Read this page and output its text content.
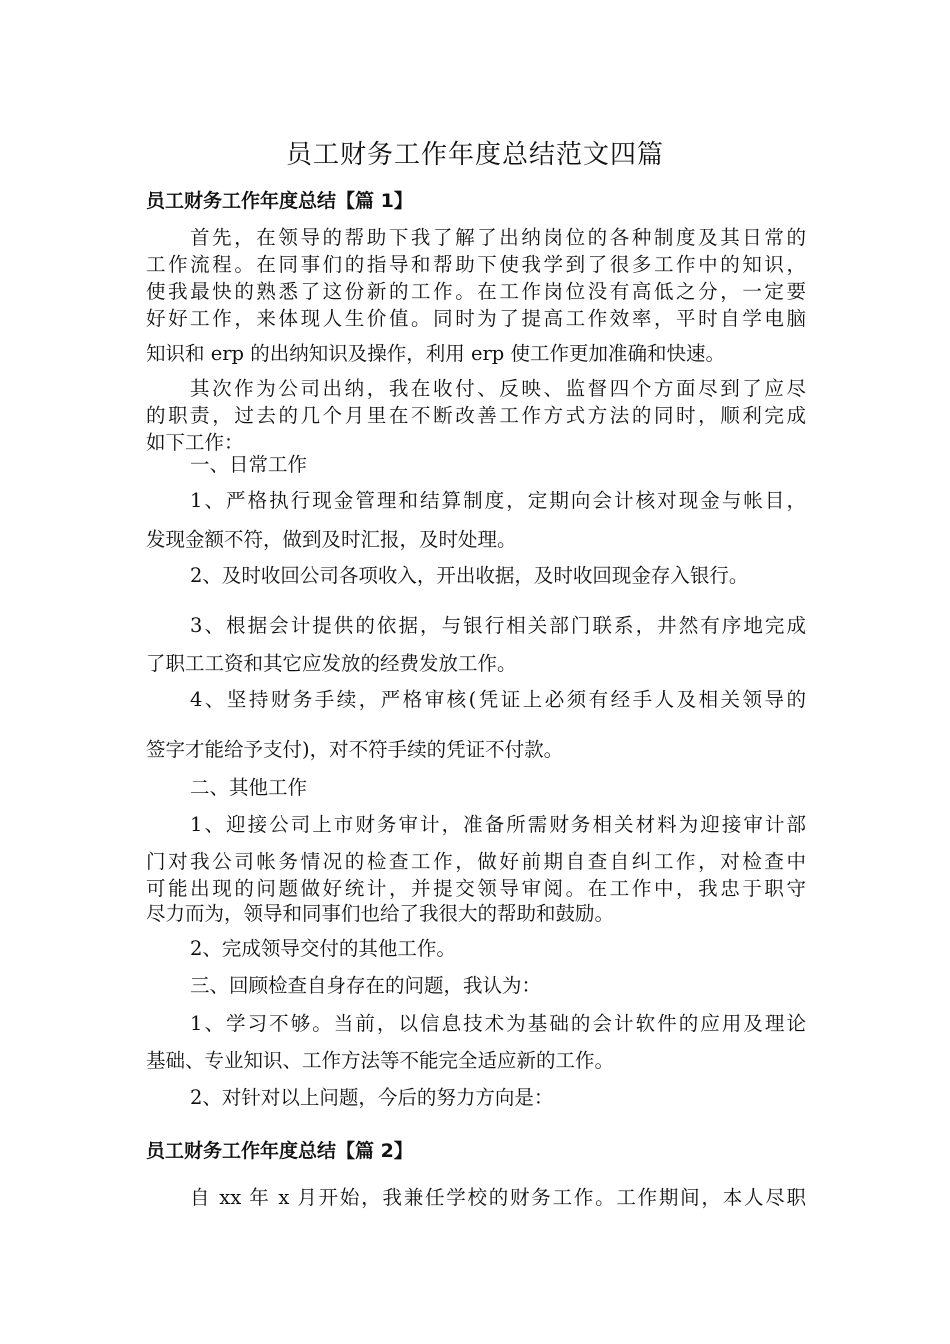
员工财务工作年度总结范文四篇
员工财务工作年度总结【篇 1】
首先，在领导的帮助下我了解了出纳岗位的各种制度及其日常的
工作流程。在同事们的指导和帮助下使我学到了很多工作中的知识，
使我最快的熟悉了这份新的工作。在工作岗位没有高低之分，一定要
好好工作，来体现人生价值。同时为了提高工作效率，平时自学电脑
知识和 erp 的出纳知识及操作，利用 erp 使工作更加准确和快速。
其次作为公司出纳，我在收付、反映、监督四个方面尽到了应尽
的职责，过去的几个月里在不断改善工作方式方法的同时，顺利完成
如下工作：
一、日常工作
1、严格执行现金管理和结算制度，定期向会计核对现金与帐目，
发现金额不符，做到及时汇报，及时处理。
2、及时收回公司各项收入，开出收据，及时收回现金存入银行。
3、根据会计提供的依据，与银行相关部门联系，井然有序地完成
了职工工资和其它应发放的经费发放工作。
4、坚持财务手续，严格审核(凭证上必须有经手人及相关领导的
签字才能给予支付)，对不符手续的凭证不付款。
二、其他工作
1、迎接公司上市财务审计，准备所需财务相关材料为迎接审计部
门对我公司帐务情况的检查工作，做好前期自查自纠工作，对检查中
可能出现的问题做好统计，并提交领导审阅。在工作中，我忠于职守
尽力而为，领导和同事们也给了我很大的帮助和鼓励。
2、完成领导交付的其他工作。
三、回顾检查自身存在的问题，我认为：
1、学习不够。当前，以信息技术为基础的会计软件的应用及理论
基础、专业知识、工作方法等不能完全适应新的工作。
2、对针对以上问题，今后的努力方向是：
员工财务工作年度总结【篇 2】
自 xx 年 x 月开始，我兼任学校的财务工作。工作期间，本人尽职
